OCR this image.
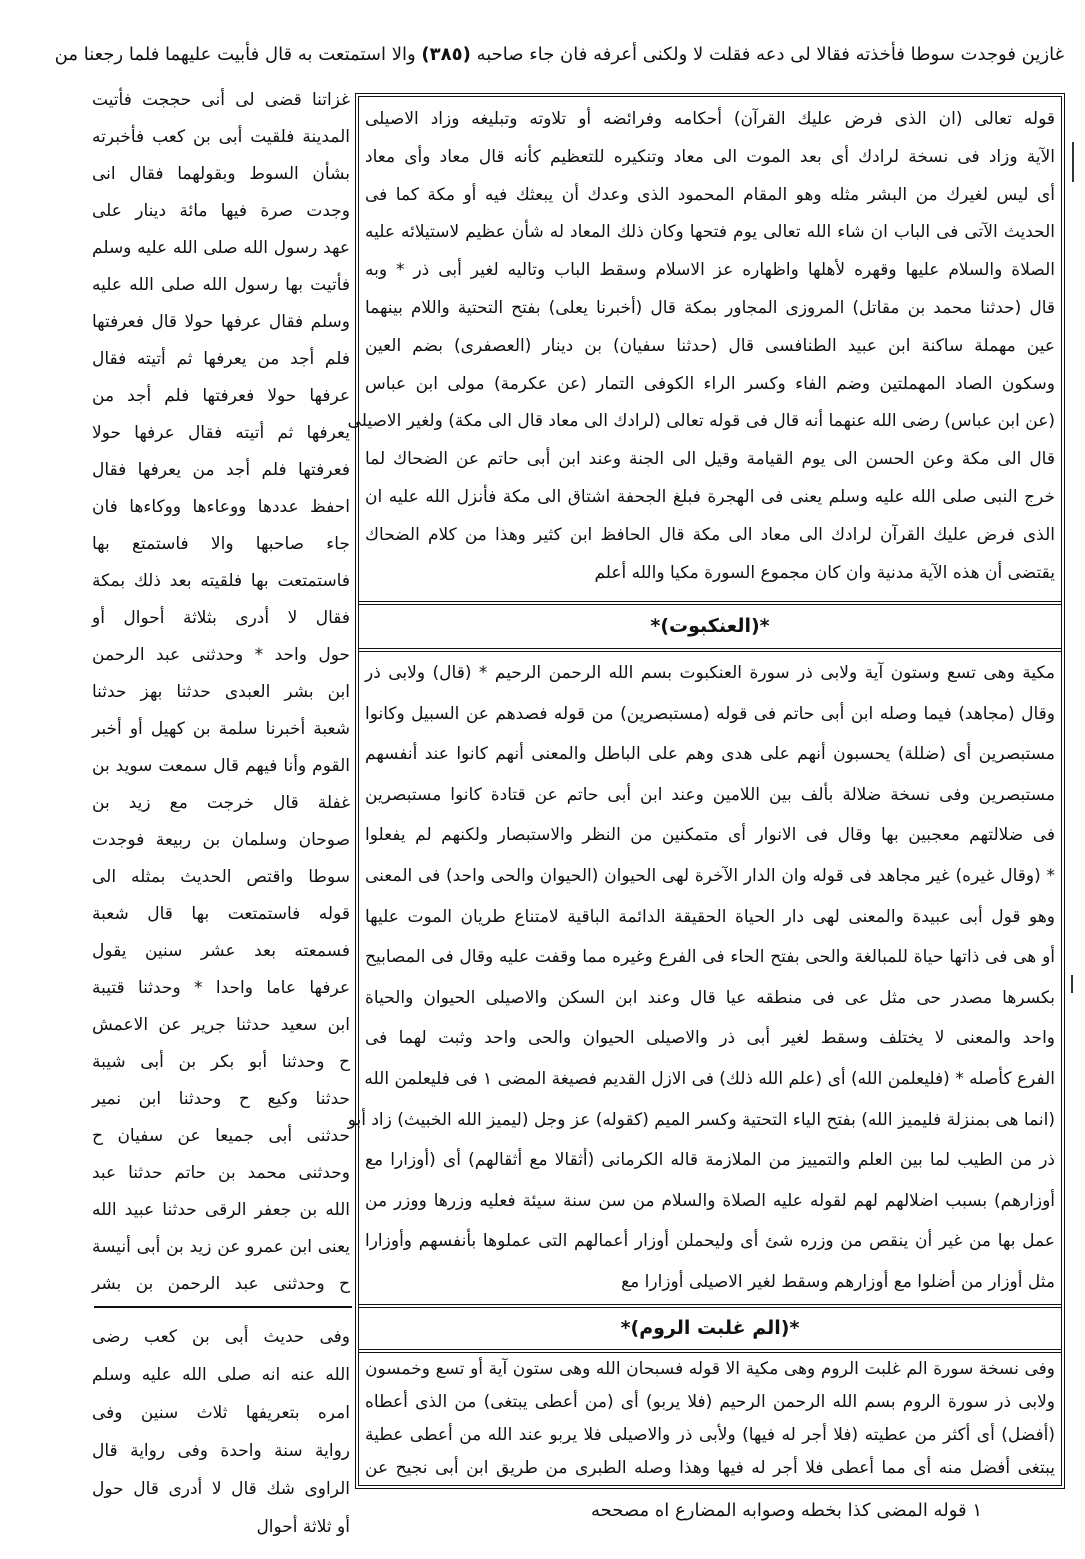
غازين فوجدت سوطا فأخذته فقالا لى دعه فقلت لا ولكنى أعرفه فان جاء صاحبه (٣٨٥) والا استمتعت به قال فأبيت عليهما فلما رجعنا من
غزاتنا قضى لى أنى حججت فأتيت
المدينة فلقيت أبى بن كعب فأخبرته
بشأن السوط وبقولهما فقال انى
وجدت صرة فيها مائة دينار على
عهد رسول الله صلى الله عليه وسلم
فأتيت بها رسول الله صلى الله عليه
وسلم فقال عرفها حولا قال فعرفتها
فلم أجد من يعرفها ثم أتيته فقال
عرفها حولا فعرفتها فلم أجد من
يعرفها ثم أتيته فقال عرفها حولا
فعرفتها فلم أجد من يعرفها فقال
احفظ عددها ووعاءها ووكاءها فان
جاء صاحبها والا فاستمتع بها
فاستمتعت بها فلقيته بعد ذلك بمكة
فقال لا أدرى بثلاثة أحوال أو
حول واحد * وحدثنى عبد الرحمن
ابن بشر العبدى حدثنا بهز حدثنا
شعبة أخبرنا سلمة بن كهيل أو أخبر
القوم وأنا فيهم قال سمعت سويد بن
غفلة قال خرجت مع زيد بن
صوحان وسلمان بن ربيعة فوجدت
سوطا واقتص الحديث بمثله الى
قوله فاستمتعت بها قال شعبة
فسمعته بعد عشر سنين يقول
عرفها عاما واحدا * وحدثنا قتيبة
ابن سعيد حدثنا جرير عن الاعمش
ح وحدثنا أبو بكر بن أبى شيبة
حدثنا وكيع ح وحدثنا ابن نمير
حدثنى أبى جميعا عن سفيان ح
وحدثنى محمد بن حاتم حدثنا عبد
الله بن جعفر الرقى حدثنا عبيد الله
يعنى ابن عمرو عن زيد بن أبى أنيسة
ح وحدثنى عبد الرحمن بن بشر
وفى حديث أبى بن كعب رضى
الله عنه انه صلى الله عليه وسلم
امره بتعريفها ثلاث سنين وفى
رواية سنة واحدة وفى رواية قال
الراوى شك قال لا أدرى قال حول
أو ثلاثة أحوال
قوله تعالى (ان الذى فرض عليك القرآن) أحكامه وفرائضه أو تلاوته وتبليغه وزاد الاصيلى
الآية وزاد فى نسخة لرادك أى بعد الموت الى معاد وتنكيره للتعظيم كأنه قال معاد وأى معاد
أى ليس لغيرك من البشر مثله وهو المقام المحمود الذى وعدك أن يبعثك فيه أو مكة كما فى
الحديث الآتى فى الباب ان شاء الله تعالى يوم فتحها وكان ذلك المعاد له شأن عظيم لاستيلائه عليه
الصلاة والسلام عليها وقهره لأهلها واظهاره عز الاسلام وسقط الباب وتاليه لغير أبى ذر * وبه
قال (حدثنا محمد بن مقاتل) المروزى المجاور بمكة قال (أخبرنا يعلى) بفتح التحتية واللام بينهما
عين مهملة ساكنة ابن عبيد الطنافسى قال (حدثنا سفيان) بن دينار (العصفرى) بضم العين
وسكون الصاد المهملتين وضم الفاء وكسر الراء الكوفى التمار (عن عكرمة) مولى ابن عباس
(عن ابن عباس) رضى الله عنهما أنه قال فى قوله تعالى (لرادك الى معاد قال الى مكة) ولغير الاصيلى
قال الى مكة وعن الحسن الى يوم القيامة وقيل الى الجنة وعند ابن أبى حاتم عن الضحاك لما
خرج النبى صلى الله عليه وسلم يعنى فى الهجرة فبلغ الجحفة اشتاق الى مكة فأنزل الله عليه ان
الذى فرض عليك القرآن لرادك الى معاد الى مكة قال الحافظ ابن كثير وهذا من كلام الضحاك
يقتضى أن هذه الآية مدنية وان كان مجموع السورة مكيا والله أعلم
*(العنكبوت)*
مكية وهى تسع وستون آية ولابى ذر سورة العنكبوت بسم الله الرحمن الرحيم * (قال) ولابى ذر
وقال (مجاهد) فيما وصله ابن أبى حاتم فى قوله (مستبصرين) من قوله فصدهم عن السبيل وكانوا
مستبصرين أى (ضللة) يحسبون أنهم على هدى وهم على الباطل والمعنى أنهم كانوا عند أنفسهم
مستبصرين وفى نسخة ضلالة بألف بين اللامين وعند ابن أبى حاتم عن قتادة كانوا مستبصرين
فى ضلالتهم معجبين بها وقال فى الانوار أى متمكنين من النظر والاستبصار ولكنهم لم يفعلوا
* (وقال غيره) غير مجاهد فى قوله وان الدار الآخرة لهى الحيوان (الحيوان والحى واحد) فى المعنى
وهو قول أبى عبيدة والمعنى لهى دار الحياة الحقيقة الدائمة الباقية لامتناع طريان الموت عليها
أو هى فى ذاتها حياة للمبالغة والحى بفتح الحاء فى الفرع وغيره مما وقفت عليه وقال فى المصابيح
بكسرها مصدر حى مثل عى فى منطقه عيا قال وعند ابن السكن والاصيلى الحيوان والحياة
واحد والمعنى لا يختلف وسقط لغير أبى ذر والاصيلى الحيوان والحى واحد وثبت لهما فى
الفرع كأصله * (فليعلمن الله) أى (علم الله ذلك) فى الازل القديم فصيغة المضى ١ فى فليعلمن الله
(انما هى بمنزلة فليميز الله) بفتح الياء التحتية وكسر الميم (كقوله) عز وجل (ليميز الله الخبيث) زاد أبو
ذر من الطيب لما بين العلم والتمييز من الملازمة قاله الكرمانى (أثقالا مع أثقالهم) أى (أوزارا مع
أوزارهم) بسبب اضلالهم لهم لقوله عليه الصلاة والسلام من سن سنة سيئة فعليه وزرها ووزر من
عمل بها من غير أن ينقص من وزره شئ أى وليحملن أوزار أعمالهم التى عملوها بأنفسهم وأوزارا
مثل أوزار من أضلوا مع أوزارهم وسقط لغير الاصيلى أوزارا مع
*(الم غلبت الروم)*
وفى نسخة سورة الم غلبت الروم وهى مكية الا قوله فسبحان الله وهى ستون آية أو تسع وخمسون
ولابى ذر سورة الروم بسم الله الرحمن الرحيم (فلا يربو) أى (من أعطى يبتغى) من الذى أعطاه
(أفضل) أى أكثر من عطيته (فلا أجر له فيها) ولأبى ذر والاصيلى فلا يربو عند الله من أعطى عطية
يبتغى أفضل منه أى مما أعطى فلا أجر له فيها وهذا وصله الطبرى من طريق ابن أبى نجيح عن
١ قوله المضى كذا بخطه وصوابه المضارع اه مصححه
